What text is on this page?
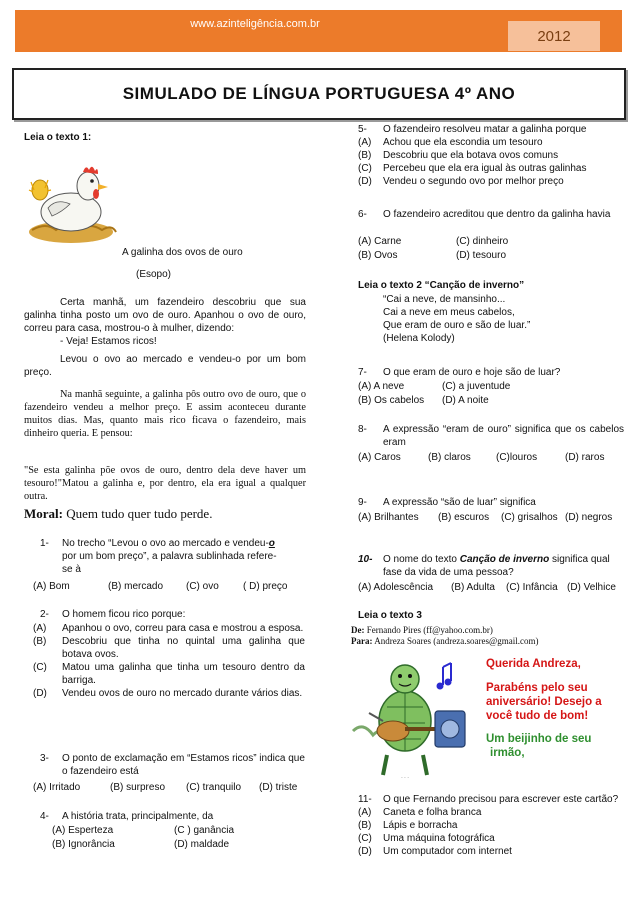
www.azinteligência.com.br
2012
SIMULADO DE LÍNGUA PORTUGUESA 4º ANO
Leia o texto 1:
A galinha dos ovos de ouro
(Esopo)
Certa manhã, um fazendeiro descobriu que sua galinha tinha posto um ovo de ouro. Apanhou o ovo de ouro, correu para casa, mostrou-o à mulher, dizendo:
- Veja! Estamos ricos!
Levou o ovo ao mercado e vendeu-o por um bom preço.
Na manhã seguinte, a galinha pôs outro ovo de ouro, que o fazendeiro vendeu a melhor preço. E assim aconteceu durante muitos dias. Mas, quanto mais rico ficava o fazendeiro, mais dinheiro queria. E pensou:
"Se esta galinha põe ovos de ouro, dentro dela deve haver um tesouro!"Matou a galinha e, por dentro, ela era igual a qualquer outra.
Moral: Quem tudo quer tudo perde.
1-	No trecho “Levou o ovo ao mercado e vendeu-o
por um bom preço”, a palavra sublinhada refere-
se à
(A) Bom	(B) mercado (C) ovo ( D) preço
2- O homem ficou rico porque:
(A)	Apanhou o ovo, correu para casa e mostrou a esposa.
(B)	Descobriu que tinha no quintal uma galinha que botava ovos.
(C)	Matou uma galinha que tinha um tesouro dentro da barriga.
(D)	Vendeu ovos de ouro no mercado durante vários dias.
3-	O ponto de exclamação em “Estamos ricos” indica que o fazendeiro está
(A) Irritado	(B) surpreso (C) tranquilo (D) triste
4- A história trata, principalmente, da
(A) Esperteza	(C ) ganância
(B) Ignorância	(D) maldade
5-	O fazendeiro resolveu matar a galinha porque
(A)	Achou que ela escondia um tesouro
(B)	Descobriu que ela botava ovos comuns
(C)	Percebeu que ela era igual às outras galinhas
(D)	Vendeu o segundo ovo por melhor preço
6-	O fazendeiro acreditou que dentro da galinha havia
(A) Carne	(C) dinheiro
(B) Ovos	(D) tesouro
Leia o texto 2 “Canção de inverno”
“Cai a neve, de mansinho...
Cai a neve em meus cabelos,
Que eram de ouro e são de luar.”
(Helena Kolody)
7- O que eram de ouro e hoje são de luar?
(A) A neve	(C) a juventude
(B) Os cabelos (D) A noite
8-	A expressão “eram de ouro” significa que os cabelos eram
(A) Caros	(B) claros	(C)louros	(D) raros
9- A expressão “são de luar” significa
(A) Brilhantes (B) escuros (C) grisalhos (D) negros
10-	O nome do texto Canção de inverno significa qual fase da vida de uma pessoa?
(A) Adolescência (B) Adulta (C) Infância (D) Velhice
Leia o texto 3
De: Fernando Pires (ff@yahoo.com.br)
Para: Andreza Soares (andreza.soares@gmail.com)
· · ·
Querida Andreza,
Parabéns pelo seu
aniversário! Desejo a
você tudo de bom!
Um beijinho de seu
irmão,
11-	O que Fernando precisou para escrever este cartão?
(A)	Caneta e folha branca
(B)	Lápis e borracha
(C)	Uma máquina fotográfica
(D)	Um computador com internet
